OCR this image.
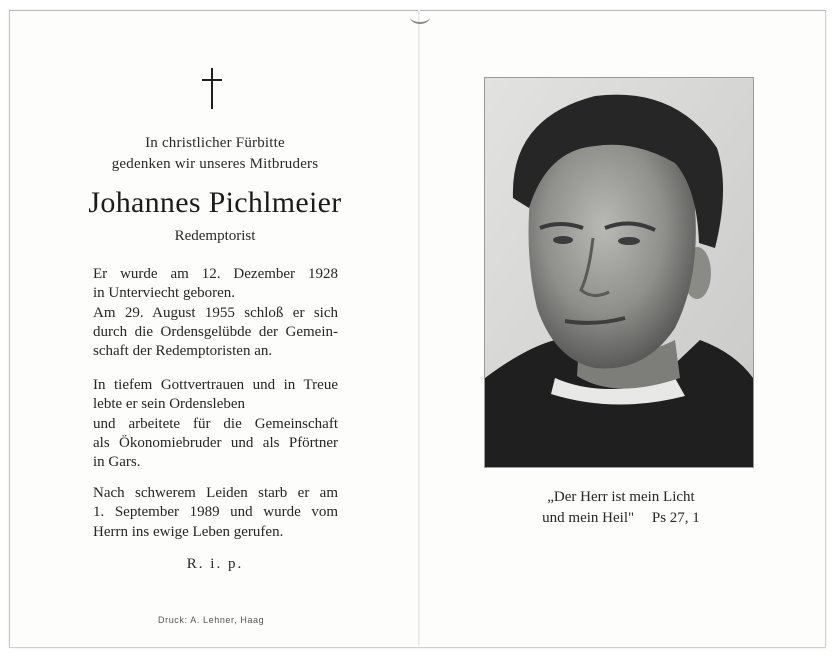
In christlicher Fürbitte
gedenken wir unseres Mitbruders
Johannes Pichlmeier
Redemptorist
Er wurde am 12. Dezember 1928
in Unterviecht geboren.
Am 29. August 1955 schloß er sich
durch die Ordensgelübde der Gemein-
schaft der Redemptoristen an.
In tiefem Gottvertrauen und in Treue
lebte er sein Ordensleben
und arbeitete für die Gemeinschaft
als Ökonomiebruder und als Pförtner
in Gars.
Nach schwerem Leiden starb er am
1. September 1989 und wurde vom
Herrn ins ewige Leben gerufen.
R. i. p.
Druck: A. Lehner, Haag
„Der Herr ist mein Licht
und mein Heil" Ps 27, 1
